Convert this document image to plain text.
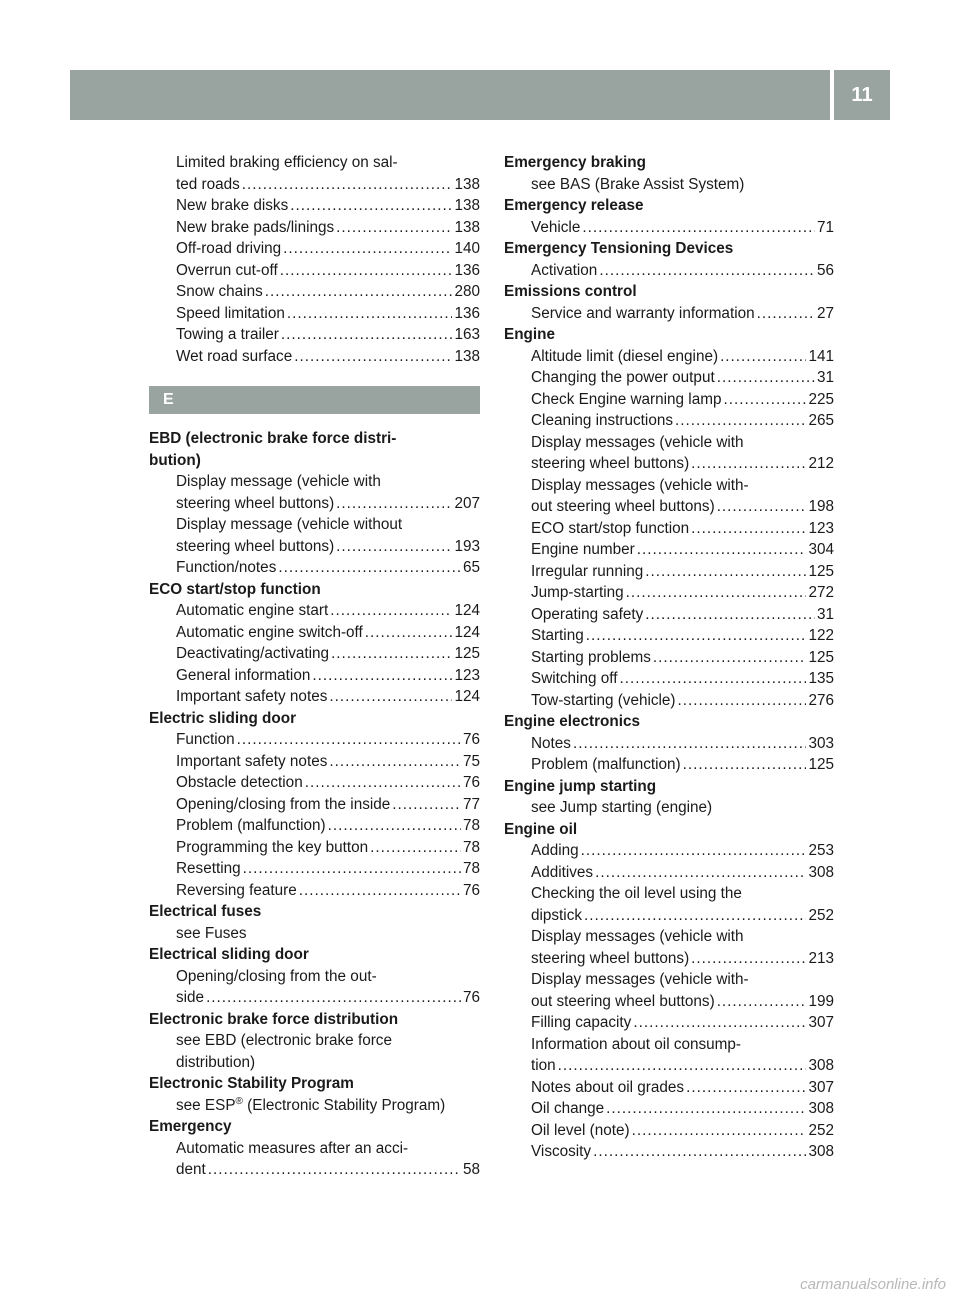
Index
11
Limited braking efficiency on sal-
ted roads .....	138
New brake disks .....	138
New brake pads/linings .....	138
Off-road driving .....	140
Overrun cut-off .....	136
Snow chains .....	280
Speed limitation .....	136
Towing a trailer .....	163
Wet road surface .....	138
E
EBD (electronic brake force distri-
bution)
Display message (vehicle with
steering wheel buttons) .....	207
Display message (vehicle without
steering wheel buttons) .....	193
Function/notes .....	65
ECO start/stop function
Automatic engine start .....	124
Automatic engine switch-off .....	124
Deactivating/activating .....	125
General information .....	123
Important safety notes .....	124
Electric sliding door
Function .....	76
Important safety notes .....	75
Obstacle detection .....	76
Opening/closing from the inside .....	77
Problem (malfunction) .....	78
Programming the key button .....	78
Resetting .....	78
Reversing feature .....	76
Electrical fuses
see Fuses
Electrical sliding door
Opening/closing from the out-
side .....	76
Electronic brake force distribution
see EBD (electronic brake force
distribution)
Electronic Stability Program
see ESP® (Electronic Stability Program)
Emergency
Automatic measures after an acci-
dent .....	58
Emergency braking
see BAS (Brake Assist System)
Emergency release
Vehicle .....	71
Emergency Tensioning Devices
Activation .....	56
Emissions control
Service and warranty information .....	27
Engine
Altitude limit (diesel engine) .....	141
Changing the power output .....	31
Check Engine warning lamp .....	225
Cleaning instructions .....	265
Display messages (vehicle with
steering wheel buttons) .....	212
Display messages (vehicle with-
out steering wheel buttons) .....	198
ECO start/stop function .....	123
Engine number .....	304
Irregular running .....	125
Jump-starting .....	272
Operating safety .....	31
Starting .....	122
Starting problems .....	125
Switching off .....	135
Tow-starting (vehicle) .....	276
Engine electronics
Notes .....	303
Problem (malfunction) .....	125
Engine jump starting
see Jump starting (engine)
Engine oil
Adding .....	253
Additives .....	308
Checking the oil level using the
dipstick .....	252
Display messages (vehicle with
steering wheel buttons) .....	213
Display messages (vehicle with-
out steering wheel buttons) .....	199
Filling capacity .....	307
Information about oil consump-
tion .....	308
Notes about oil grades .....	307
Oil change .....	308
Oil level (note) .....	252
Viscosity .....	308
carmanualsonline.info
